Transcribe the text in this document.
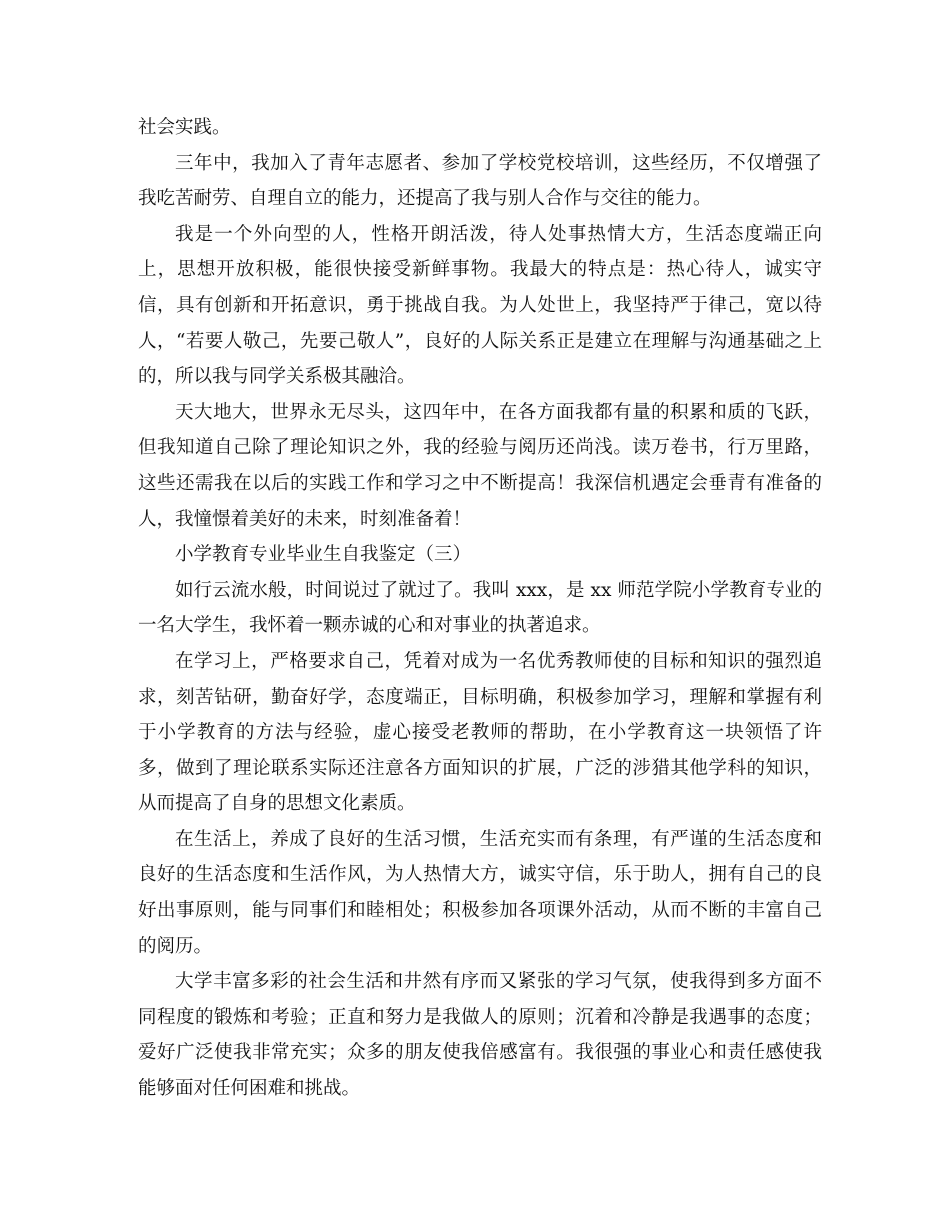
社会实践。

三年中，我加入了青年志愿者、参加了学校党校培训，这些经历，不仅增强了我吃苦耐劳、自理自立的能力，还提高了我与别人合作与交往的能力。

我是一个外向型的人，性格开朗活泼，待人处事热情大方，生活态度端正向上，思想开放积极，能很快接受新鲜事物。我最大的特点是：热心待人，诚实守信，具有创新和开拓意识，勇于挑战自我。为人处世上，我坚持严于律己，宽以待人，“若要人敬己，先要己敬人”，良好的人际关系正是建立在理解与沟通基础之上的，所以我与同学关系极其融洽。

天大地大，世界永无尽头，这四年中，在各方面我都有量的积累和质的飞跃，但我知道自己除了理论知识之外，我的经验与阅历还尚浅。读万卷书，行万里路，这些还需我在以后的实践工作和学习之中不断提高！我深信机遇定会垂青有准备的人，我憧憬着美好的未来，时刻准备着！

小学教育专业毕业生自我鉴定（三）

如行云流水般，时间说过了就过了。我叫 xxx，是 xx 师范学院小学教育专业的一名大学生，我怀着一颗赤诚的心和对事业的执著追求。

在学习上，严格要求自己，凭着对成为一名优秀教师使的目标和知识的强烈追求，刻苦钻研，勤奋好学，态度端正，目标明确，积极参加学习，理解和掌握有利于小学教育的方法与经验，虚心接受老教师的帮助，在小学教育这一块领悟了许多，做到了理论联系实际还注意各方面知识的扩展，广泛的涉猎其他学科的知识，从而提高了自身的思想文化素质。

在生活上，养成了良好的生活习惯，生活充实而有条理，有严谨的生活态度和良好的生活态度和生活作风，为人热情大方，诚实守信，乐于助人，拥有自己的良好出事原则，能与同事们和睦相处；积极参加各项课外活动，从而不断的丰富自己的阅历。

大学丰富多彩的社会生活和井然有序而又紧张的学习气氛，使我得到多方面不同程度的锻炼和考验；正直和努力是我做人的原则；沉着和冷静是我遇事的态度；爱好广泛使我非常充实；众多的朋友使我倍感富有。我很强的事业心和责任感使我能够面对任何困难和挑战。
